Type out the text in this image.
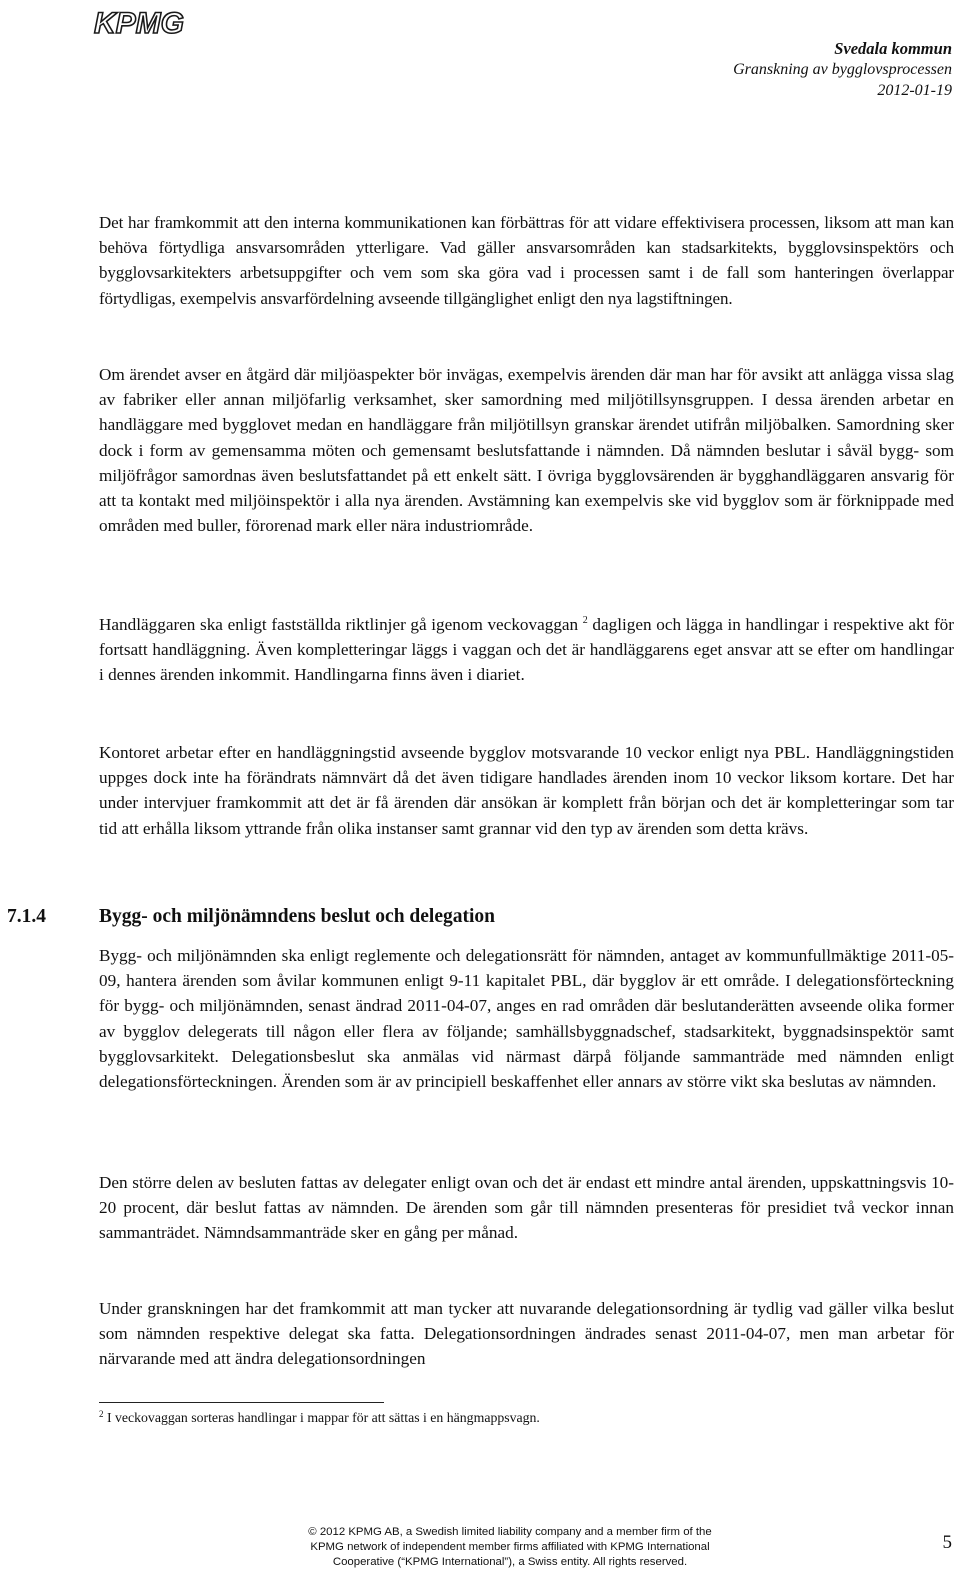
KPMG
Svedala kommun
Granskning av bygglovsprocessen
2012-01-19

Det har framkommit att den interna kommunikationen kan förbättras för att vidare effektivisera processen, liksom att man kan behöva förtydliga ansvarsområden ytterligare. Vad gäller ansvarsområden kan stadsarkitekts, bygglovsinspektörs och bygglovsarkitekters arbetsuppgifter och vem som ska göra vad i processen samt i de fall som hanteringen överlappar förtydligas, exempelvis ansvarfördelning avseende tillgänglighet enligt den nya lagstiftningen.

Om ärendet avser en åtgärd där miljöaspekter bör invägas, exempelvis ärenden där man har för avsikt att anlägga vissa slag av fabriker eller annan miljöfarlig verksamhet, sker samordning med miljötillsynsgruppen. I dessa ärenden arbetar en handläggare med bygglovet medan en handläggare från miljötillsyn granskar ärendet utifrån miljöbalken. Samordning sker dock i form av gemensamma möten och gemensamt beslutsfattande i nämnden. Då nämnden beslutar i såväl bygg- som miljöfrågor samordnas även beslutsfattandet på ett enkelt sätt. I övriga bygglovsärenden är bygghandläggaren ansvarig för att ta kontakt med miljöinspektör i alla nya ärenden. Avstämning kan exempelvis ske vid bygglov som är förknippade med områden med buller, förorenad mark eller nära industriområde.

Handläggaren ska enligt fastställda riktlinjer gå igenom veckovaggan $^2$ dagligen och lägga in handlingar i respektive akt för fortsatt handläggning. Även kompletteringar läggs i vaggan och det är handläggarens eget ansvar att se efter om handlingar i dennes ärenden inkommit. Handlingarna finns även i diariet.

Kontoret arbetar efter en handläggningstid avseende bygglov motsvarande 10 veckor enligt nya PBL. Handläggningstiden uppges dock inte ha förändrats nämnvärt då det även tidigare handlades ärenden inom 10 veckor liksom kortare. Det har under intervjuer framkommit att det är få ärenden där ansökan är komplett från början och det är kompletteringar som tar tid att erhålla liksom yttrande från olika instanser samt grannar vid den typ av ärenden som detta krävs.

7.1.4	Bygg- och miljönämndens beslut och delegation

Bygg- och miljönämnden ska enligt reglemente och delegationsrätt för nämnden, antaget av kommunfullmäktige 2011-05-09, hantera ärenden som åvilar kommunen enligt 9-11 kapitalet PBL, där bygglov är ett område. I delegationsförteckning för bygg- och miljönämnden, senast ändrad 2011-04-07, anges en rad områden där beslutanderätten avseende olika former av bygglov delegerats till någon eller flera av följande; samhällsbyggnadschef, stadsarkitekt, byggnadsinspektör samt bygglovsarkitekt. Delegationsbeslut ska anmälas vid närmast därpå följande sammanträde med nämnden enligt delegationsförteckningen. Ärenden som är av principiell beskaffenhet eller annars av större vikt ska beslutas av nämnden.

Den större delen av besluten fattas av delegater enligt ovan och det är endast ett mindre antal ärenden, uppskattningsvis 10-20 procent, där beslut fattas av nämnden. De ärenden som går till nämnden presenteras för presidiet två veckor innan sammanträdet. Nämndsammanträde sker en gång per månad.

Under granskningen har det framkommit att man tycker att nuvarande delegationsordning är tydlig vad gäller vilka beslut som nämnden respektive delegat ska fatta. Delegationsordningen ändrades senast 2011-04-07, men man arbetar för närvarande med att ändra delegationsordningen

$^2$ I veckovaggan sorteras handlingar i mappar för att sättas i en hängmappsvagn.
5
© 2012 KPMG AB, a Swedish limited liability company and a member firm of the
KPMG network of independent member firms affiliated with KPMG International
Cooperative (“KPMG International”), a Swiss entity. All rights reserved.
